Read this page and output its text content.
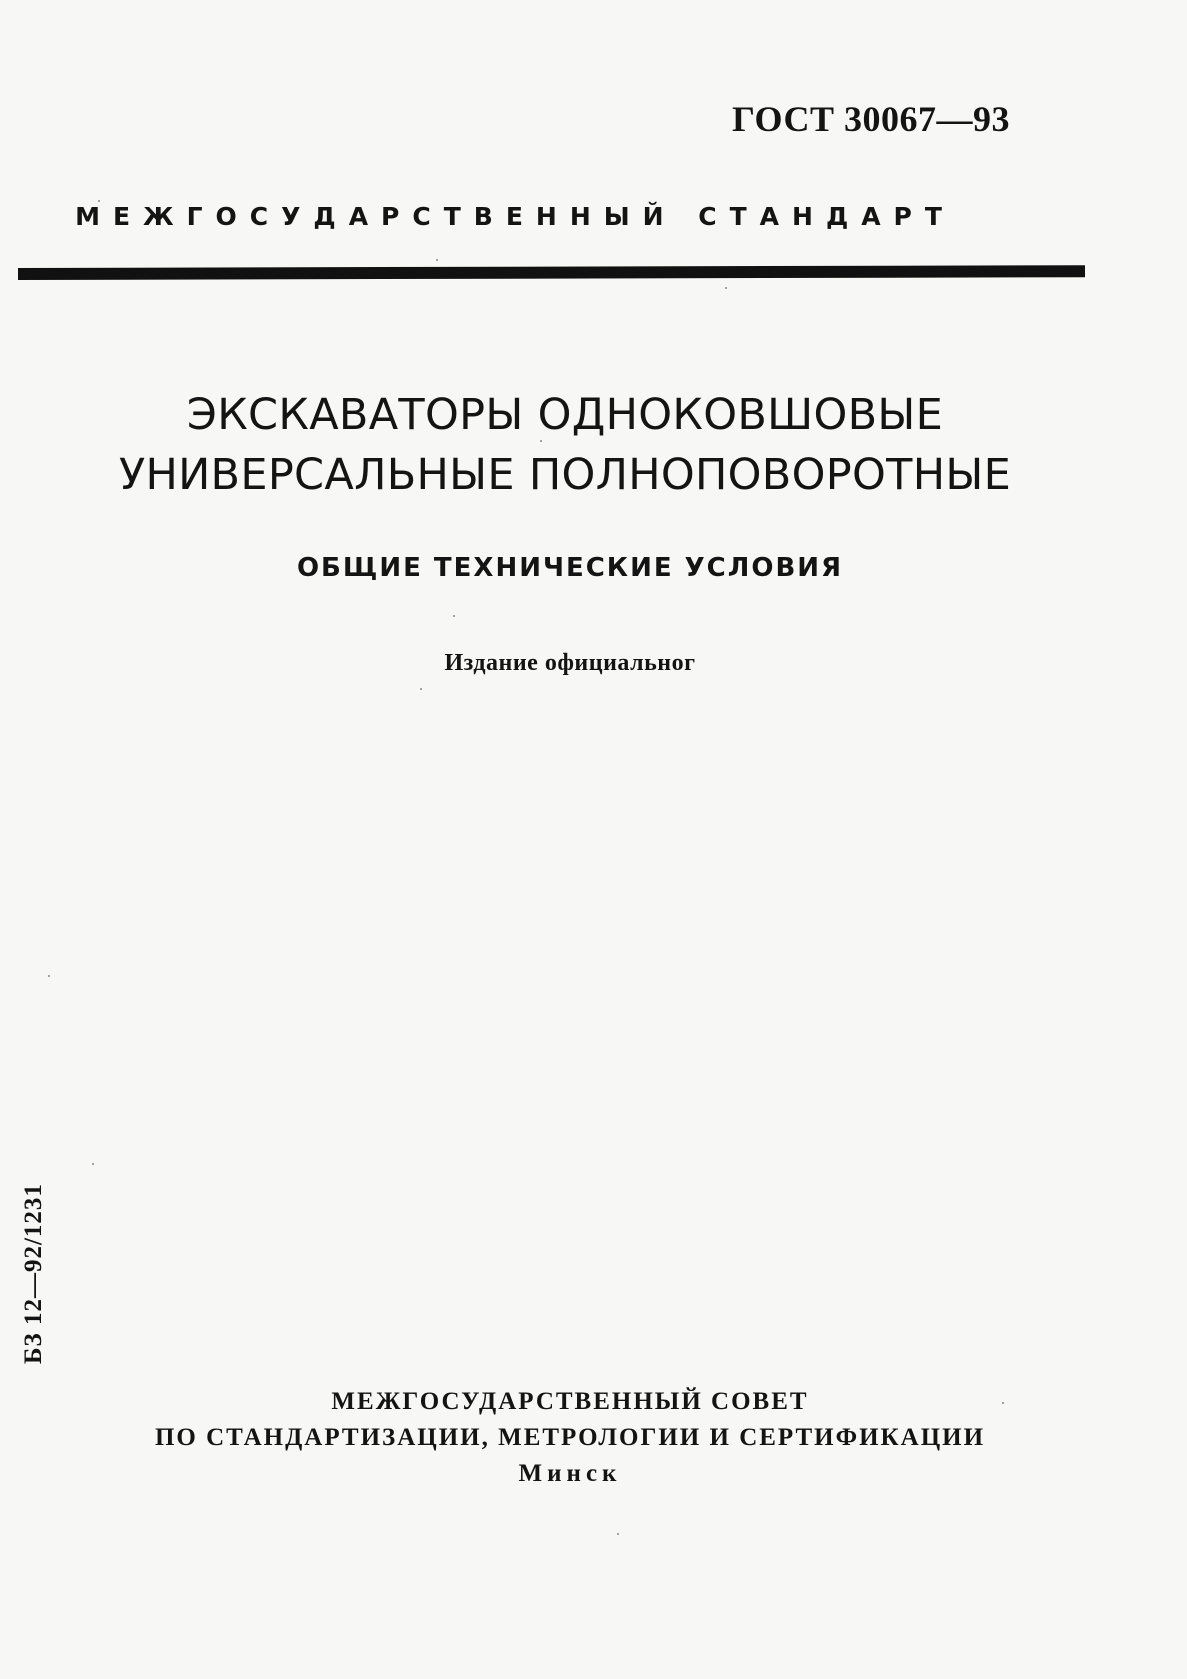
ГОСТ 30067—93
МЕЖГОСУДАРСТВЕННЫЙ СТАНДАРТ
ЭКСКАВАТОРЫ ОДНОКОВШОВЫЕ
УНИВЕРСАЛЬНЫЕ ПОЛНОПОВОРОТНЫЕ
ОБЩИЕ ТЕХНИЧЕСКИЕ УСЛОВИЯ
Издание официальнoг
БЗ 12—92/1231
МЕЖГОСУДАРСТВЕННЫЙ СОВЕТ
ПО СТАНДАРТИЗАЦИИ, МЕТРОЛОГИИ И СЕРТИФИКАЦИИ
Минск
